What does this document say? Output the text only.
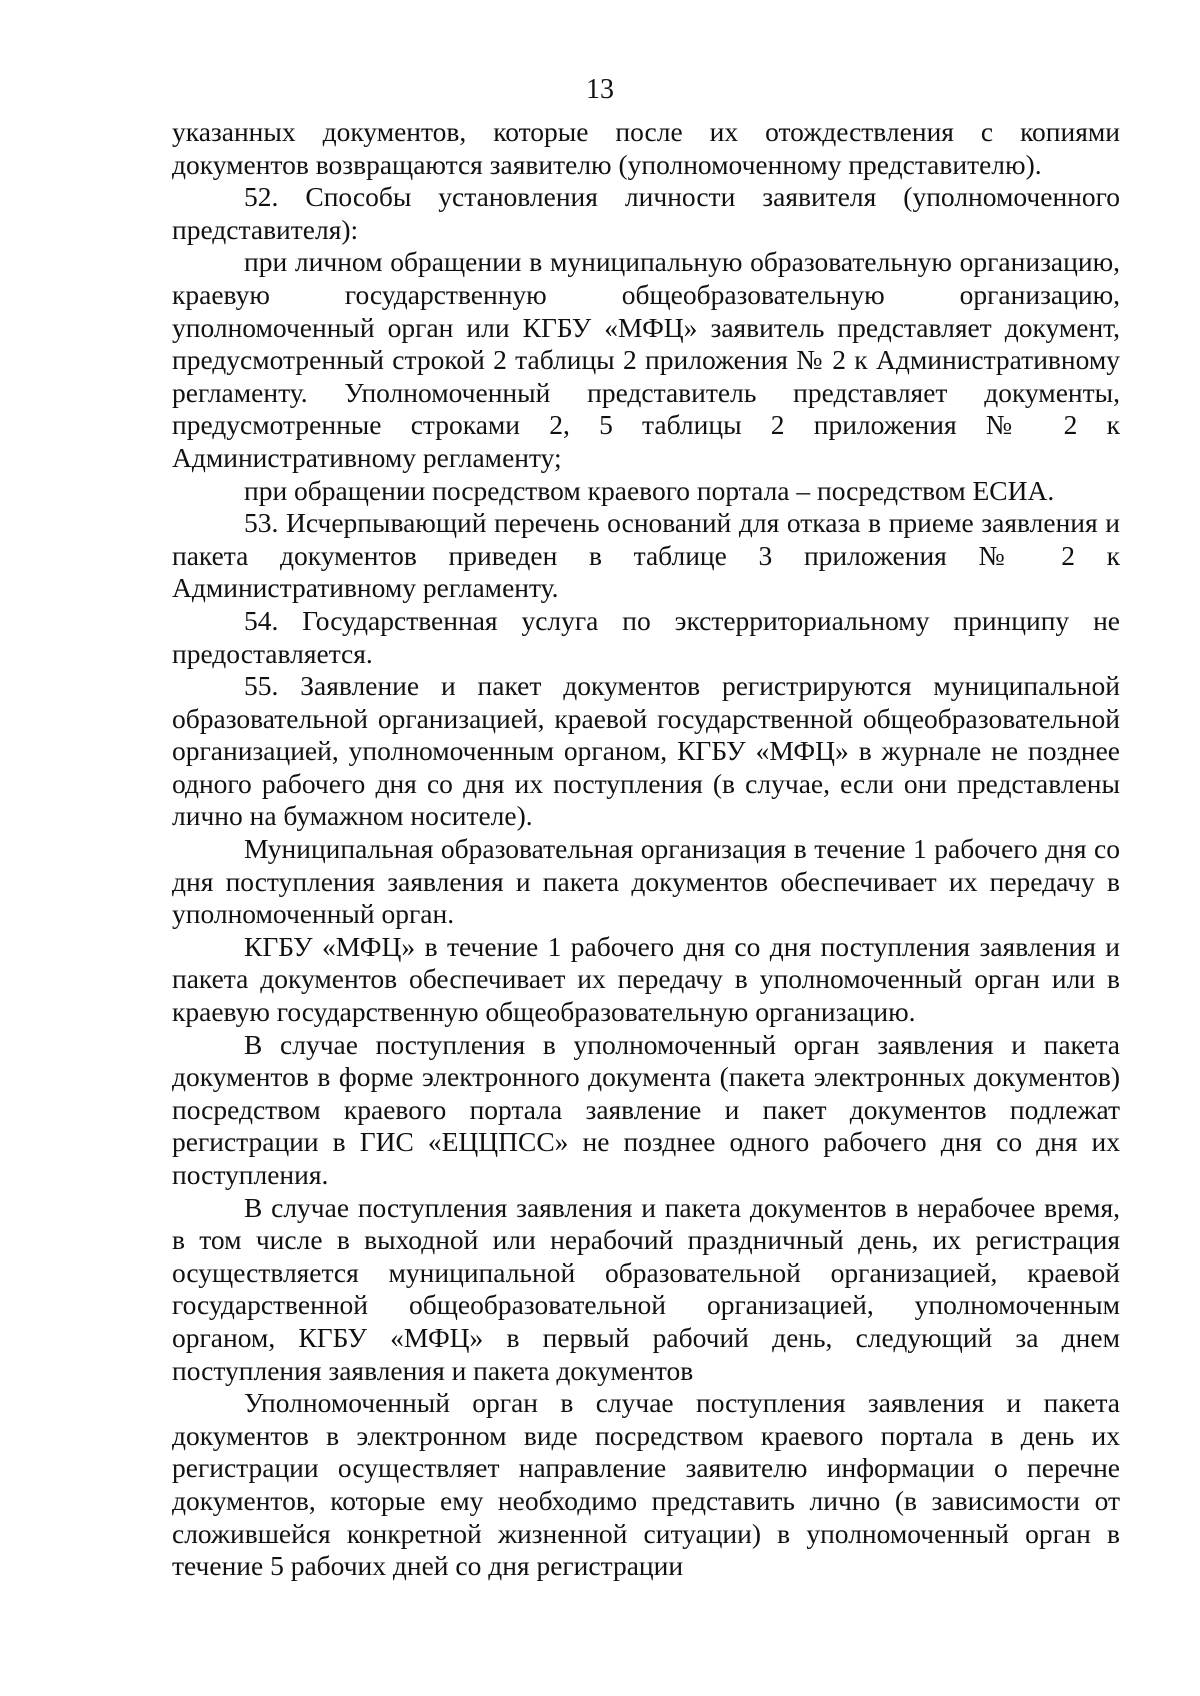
13

указанных документов, которые после их отождествления с копиями документов возвращаются заявителю (уполномоченному представителю).

52. Способы установления личности заявителя (уполномоченного представителя):

при личном обращении в муниципальную образовательную организацию, краевую государственную общеобразовательную организацию, уполномоченный орган или КГБУ «МФЦ» заявитель представляет документ, предусмотренный строкой 2 таблицы 2 приложения № 2 к Административному регламенту. Уполномоченный представитель представляет документы, предусмотренные строками 2, 5 таблицы 2 приложения № 2 к Административному регламенту;

при обращении посредством краевого портала – посредством ЕСИА.

53. Исчерпывающий перечень оснований для отказа в приеме заявления и пакета документов приведен в таблице 3 приложения № 2 к Административному регламенту.

54. Государственная услуга по экстерриториальному принципу не предоставляется.

55. Заявление и пакет документов регистрируются муниципальной образовательной организацией, краевой государственной общеобразовательной организацией, уполномоченным органом, КГБУ «МФЦ» в журнале не позднее одного рабочего дня со дня их поступления (в случае, если они представлены лично на бумажном носителе).

Муниципальная образовательная организация в течение 1 рабочего дня со дня поступления заявления и пакета документов обеспечивает их передачу в уполномоченный орган.

КГБУ «МФЦ» в течение 1 рабочего дня со дня поступления заявления и пакета документов обеспечивает их передачу в уполномоченный орган или в краевую государственную общеобразовательную организацию.

В случае поступления в уполномоченный орган заявления и пакета документов в форме электронного документа (пакета электронных документов) посредством краевого портала заявление и пакет документов подлежат регистрации в ГИС «ЕЦЦПСС» не позднее одного рабочего дня со дня их поступления.

В случае поступления заявления и пакета документов в нерабочее время, в том числе в выходной или нерабочий праздничный день, их регистрация осуществляется муниципальной образовательной организацией, краевой государственной общеобразовательной организацией, уполномоченным органом, КГБУ «МФЦ» в первый рабочий день, следующий за днем поступления заявления и пакета документов

Уполномоченный орган в случае поступления заявления и пакета документов в электронном виде посредством краевого портала в день их регистрации осуществляет направление заявителю информации о перечне документов, которые ему необходимо представить лично (в зависимости от сложившейся конкретной жизненной ситуации) в уполномоченный орган в течение 5 рабочих дней со дня регистрации
